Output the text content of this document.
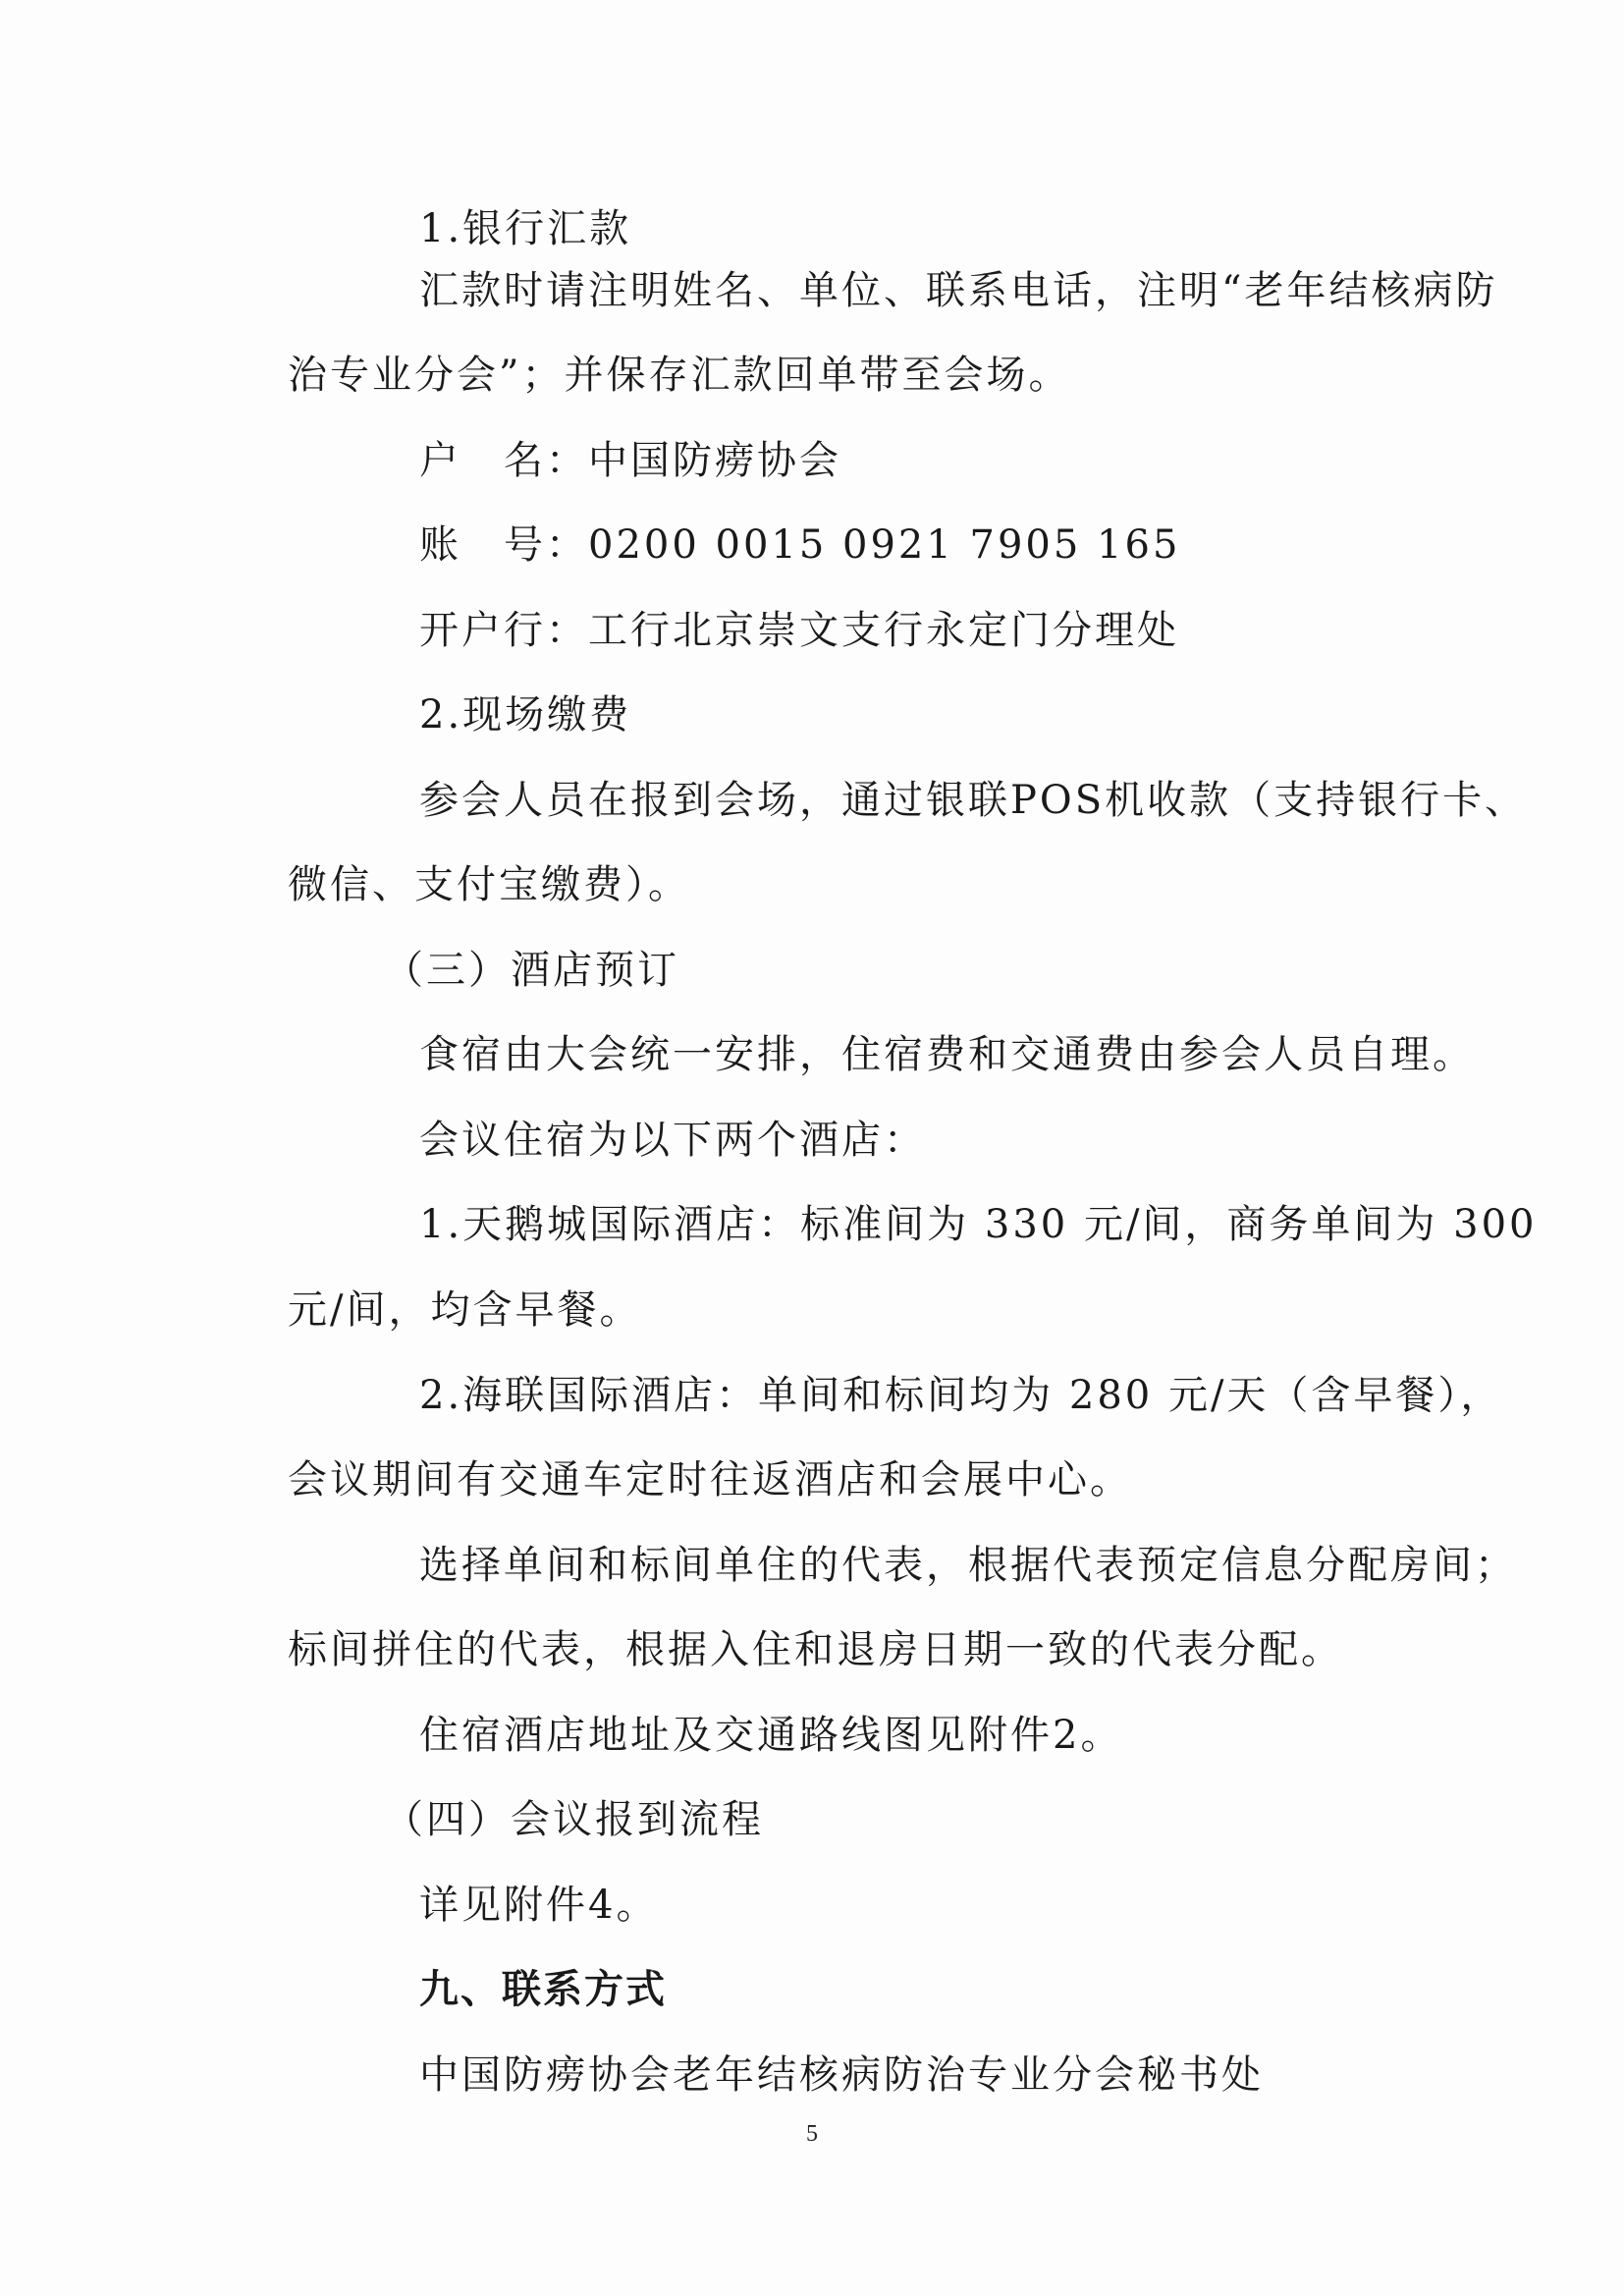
1.银行汇款
汇款时请注明姓名、单位、联系电话，注明“老年结核病防
治专业分会”；并保存汇款回单带至会场。
户　名：中国防痨协会
账　号：0200 0015 0921 7905 165
开户行：工行北京崇文支行永定门分理处
2.现场缴费
参会人员在报到会场，通过银联POS机收款（支持银行卡、
微信、支付宝缴费）。
（三）酒店预订
食宿由大会统一安排，住宿费和交通费由参会人员自理。
会议住宿为以下两个酒店：
1.天鹅城国际酒店：标准间为 330 元/间，商务单间为 300
元/间，均含早餐。
2.海联国际酒店：单间和标间均为 280 元/天（含早餐），
会议期间有交通车定时往返酒店和会展中心。
选择单间和标间单住的代表，根据代表预定信息分配房间；
标间拼住的代表，根据入住和退房日期一致的代表分配。
住宿酒店地址及交通路线图见附件2。
（四）会议报到流程
详见附件4。
九、联系方式
中国防痨协会老年结核病防治专业分会秘书处
5
